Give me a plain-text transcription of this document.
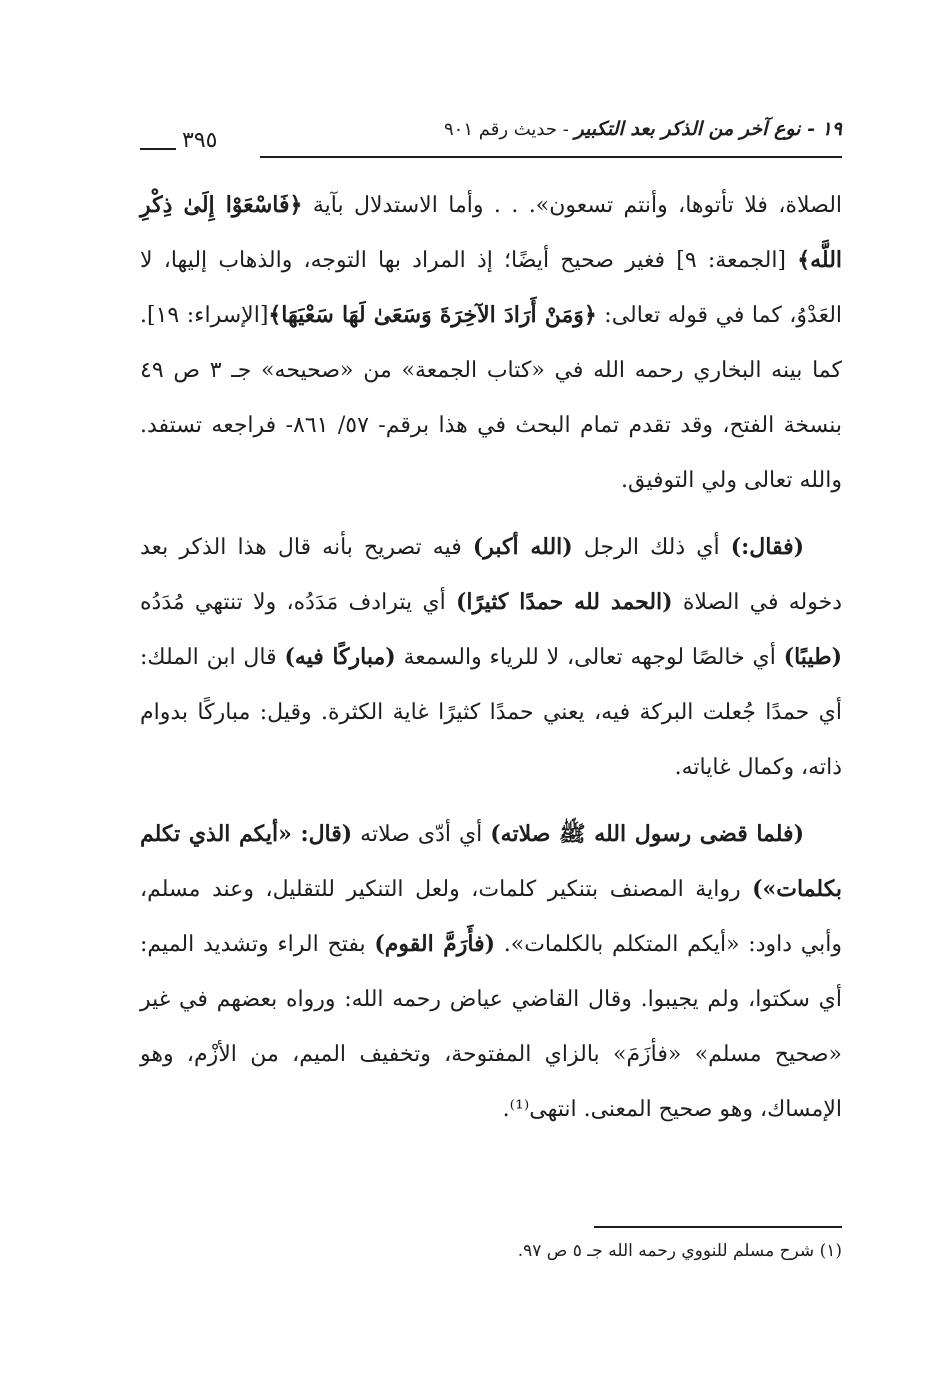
١٩ - نوع آخر من الذكر بعد التكبير - حديث رقم ٩٠١
٣٩٥

الصلاة، فلا تأتوها، وأنتم تسعون». . . وأما الاستدلال بآية ﴿فَاسْعَوْا إِلَىٰ ذِكْرِ اللَّه﴾ [الجمعة: ٩] فغير صحيح أيضًا؛ إذ المراد بها التوجه، والذهاب إليها، لا العَدْوُ، كما في قوله تعالى: ﴿وَمَنْ أَرَادَ الآخِرَةَ وَسَعَىٰ لَهَا سَعْيَهَا﴾[الإسراء: ١٩]. كما بينه البخاري رحمه الله في «كتاب الجمعة» من «صحيحه» جـ ٣ ص ٤٩ بنسخة الفتح، وقد تقدم تمام البحث في هذا برقم- ٥٧/ ٨٦١- فراجعه تستفد. والله تعالى ولي التوفيق.

(فقال:) أي ذلك الرجل (الله أكبر) فيه تصريح بأنه قال هذا الذكر بعد دخوله في الصلاة (الحمد لله حمدًا كثيرًا) أي يترادف مَدَدُه، ولا تنتهي مُدَدُه (طيبًا) أي خالصًا لوجهه تعالى، لا للرياء والسمعة (مباركًا فيه) قال ابن الملك: أي حمدًا جُعلت البركة فيه، يعني حمدًا كثيرًا غاية الكثرة. وقيل: مباركًا بدوام ذاته، وكمال غاياته.

(فلما قضى رسول الله ﷺ صلاته) أي أدّى صلاته (قال: «أيكم الذي تكلم بكلمات») رواية المصنف بتنكير كلمات، ولعل التنكير للتقليل، وعند مسلم، وأبي داود: «أيكم المتكلم بالكلمات». (فأَرَمَّ القوم) بفتح الراء وتشديد الميم: أي سكتوا، ولم يجيبوا. وقال القاضي عياض رحمه الله: ورواه بعضهم في غير «صحيح مسلم» «فأزَمَ» بالزاي المفتوحة، وتخفيف الميم، من الأزْم، وهو الإمساك، وهو صحيح المعنى. انتهى⁽¹⁾.

(١) شرح مسلم للنووي رحمه الله جـ ٥ ص ٩٧.
